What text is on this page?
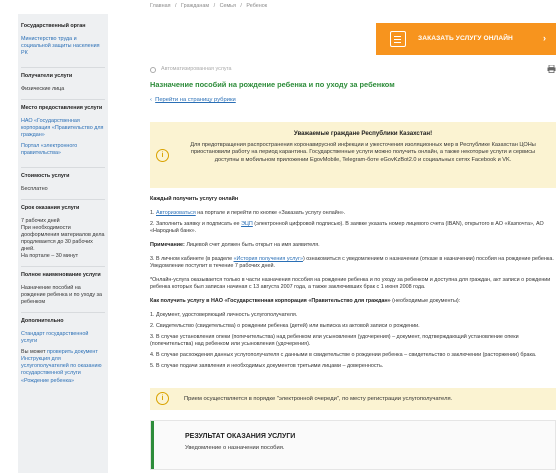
Государственный орган
Министерство труда и социальной защиты населения РК
Получатели услуги
Физические лица
Место предоставления услуги
НАО «Государственная корпорация «Правительство для граждан»
Портал «электронного правительства»
Стоимость услуги
Бесплатно
Срок оказания услуги
7 рабочих дней
При необходимости дооформления материалов дела продлевается до 30 рабочих дней.
На портале – 30 минут
Полное наименование услуги
Назначение пособий на рождение ребенка и по уходу за ребенком
Дополнительно
Стандарт государственной услуги
Вы может проверить документ
Инструкция для услугополучателей по оказанию государственной услуги «Рождение ребенка»
Главная / Гражданам / Семья / Ребенок
ЗАКАЗАТЬ УСЛУГУ ОНЛАЙН	›
Автоматизированная услуга
Назначение пособий на рождение ребенка и по уходу за ребенком
‹ Перейти на страницу рубрики
i
Уважаемые граждане Республики Казахстан!
Для предотвращения распространения коронавирусной инфекции и ужесточения изоляционных мер в Республике Казахстан ЦОНы приостановили работу на период карантина. Государственные услуги можно получить онлайн, а также некоторые услуги и сервисы доступны в мобильном приложении EgovMobile, Telegram-боте eGovKzBot2.0 и социальных сетях Facebook и VK.

Каждый получить услугу онлайн

1. Авторизоваться на портале и перейти по кнопке «Заказать услугу онлайн».
2. Заполнить заявку и подписать ее ЭЦП (электронной цифровой подписью). В заявке указать номер лицевого счета (IBAN), открытого в АО «Казпочта», АО «Народный банк».

Примечание: Лицевой счет должен быть открыт на имя заявителя.

3. В личном кабинете (в разделе «История получения услуг») ознакомиться с уведомлением о назначении (отказе в назначении) пособия на рождение ребенка. Уведомление поступит в течение 7 рабочих дней.

*Онлайн-услуга оказывается только в части назначения пособия на рождение ребенка и по уходу за ребенком и доступна для граждан, акт записи о рождении ребенка которых был записан начиная с 13 августа 2007 года, а также заключивших брак с 1 июня 2008 года.

Как получить услугу в НАО «Государственная корпорация «Правительство для граждан» (необходимые документы):

1. Документ, удостоверяющий личность услугополучателя.
2. Свидетельство (свидетельства) о рождении ребенка (детей) или выписка из актовой записи о рождении.
3. В случае установления опеки (попечительства) над ребенком или усыновления (удочерения) – документ, подтверждающий установление опеки (попечительства) над ребенком или усыновления (удочерения).
4. В случае расхождения данных услугополучателя с данными в свидетельстве о рождении ребенка – свидетельство о заключении (расторжении) брака.
5. В случае подачи заявления и необходимых документов третьими лицами – доверенность.
i	Прием осуществляется в порядке "электронной очереди", по месту регистрации услугополучателя.
РЕЗУЛЬТАТ ОКАЗАНИЯ УСЛУГИ
Уведомление о назначении пособия.
